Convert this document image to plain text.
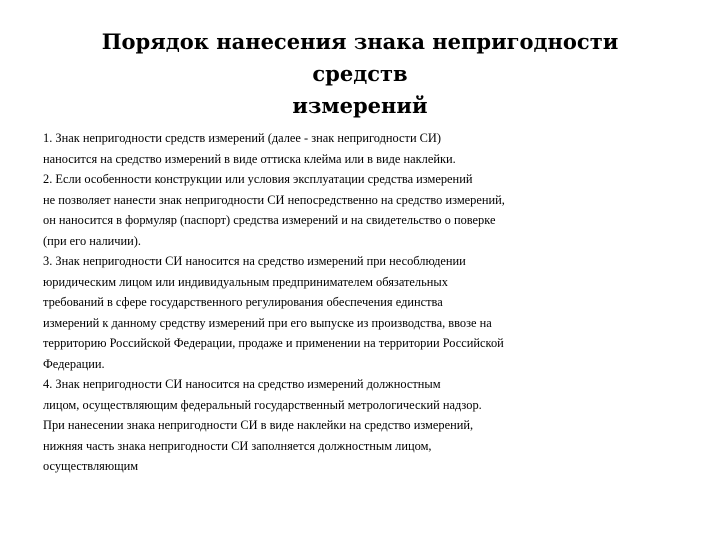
Порядок нанесения знака непригодности средств
измерений
1. Знак непригодности средств измерений (далее - знак непригодности СИ)
наносится на средство измерений в виде оттиска клейма или в виде наклейки.
2. Если особенности конструкции или условия эксплуатации средства измерений
не позволяет нанести знак непригодности СИ непосредственно на средство измерений,
он наносится в формуляр (паспорт) средства измерений и на свидетельство о поверке
(при его наличии).
3. Знак непригодности СИ наносится на средство измерений при несоблюдении
юридическим лицом или индивидуальным предпринимателем обязательных
требований в сфере государственного регулирования обеспечения единства
измерений к данному средству измерений при его выпуске из производства, ввозе на
территорию Российской Федерации, продаже и применении на территории Российской
Федерации.
4. Знак непригодности СИ наносится на средство измерений должностным
лицом, осуществляющим федеральный государственный метрологический надзор.
При нанесении знака непригодности СИ в виде наклейки на средство измерений,
нижняя часть знака непригодности СИ заполняется должностным лицом,
осуществляющим
